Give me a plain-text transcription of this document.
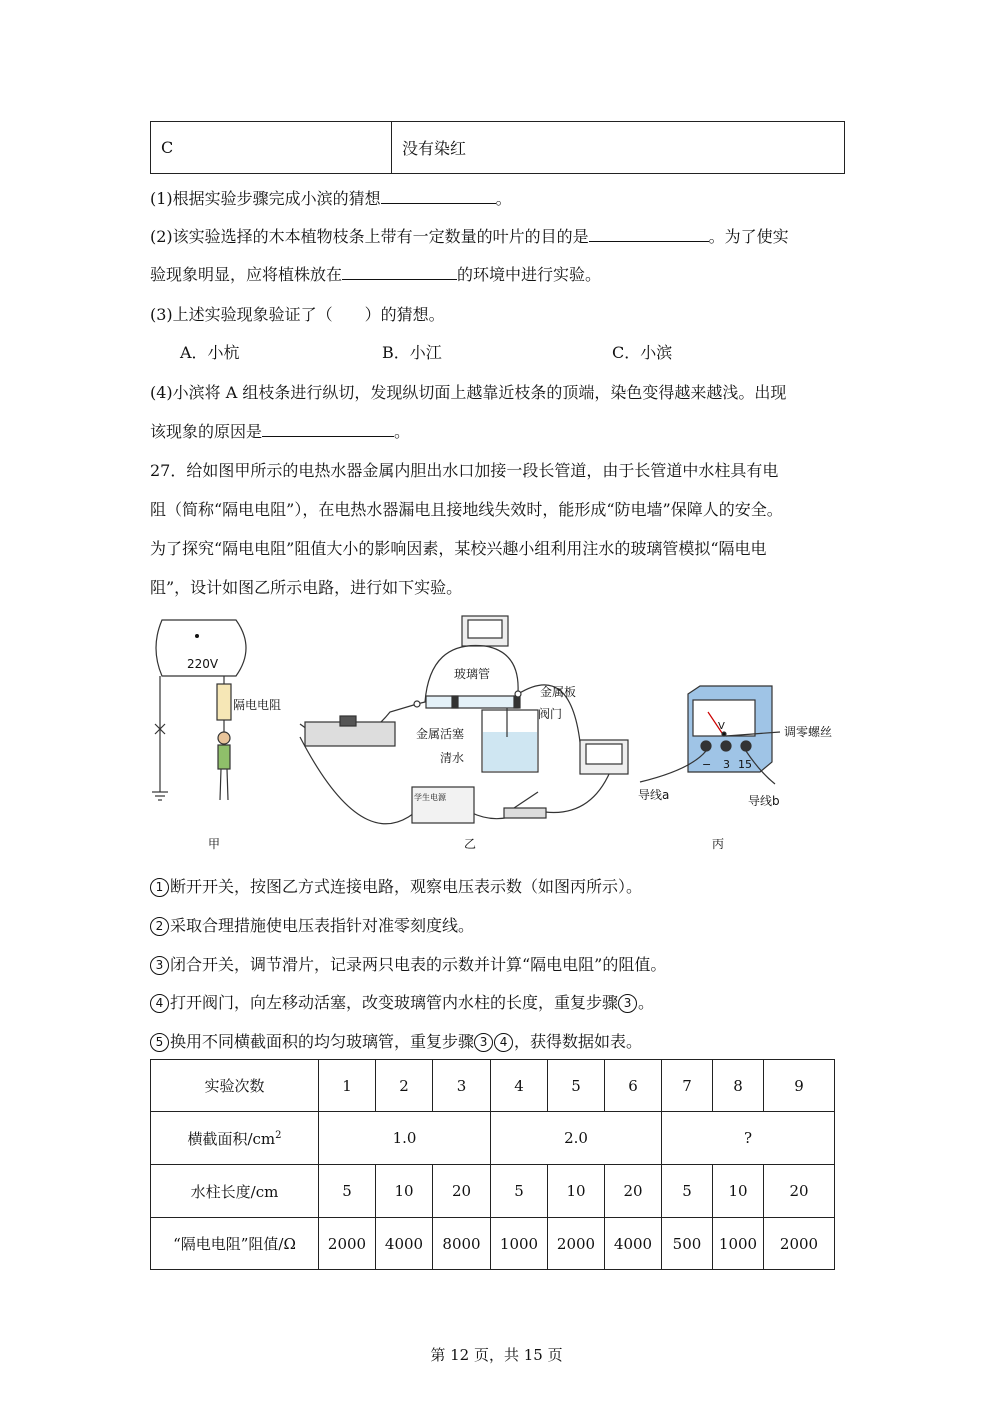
C	没有染红
(1)根据实验步骤完成小滨的猜想	。
(2)该实验选择的木本植物枝条上带有一定数量的叶片的目的是	。为了使实
验现象明显，应将植株放在	的环境中进行实验。
(3)上述实验现象验证了（　　）的猜想。
A．小杭	B．小江	C．小滨
(4)小滨将 A 组枝条进行纵切，发现纵切面上越靠近枝条的顶端，染色变得越来越浅。出现
该现象的原因是	。
27．给如图甲所示的电热水器金属内胆出水口加接一段长管道，由于长管道中水柱具有电
阻（简称“隔电电阻”），在电热水器漏电且接地线失效时，能形成“防电墙”保障人的安全。
为了探究“隔电电阻”阻值大小的影响因素，某校兴趣小组利用注水的玻璃管模拟“隔电电
阻”，设计如图乙所示电路，进行如下实验。
220V
隔电电阻
甲
玻璃管
金属板
阀门
金属活塞
清水
学生电源
乙
V
− 3 15
调零螺丝
导线a	导线b
丙
1 断开开关，按图乙方式连接电路，观察电压表示数（如图丙所示）。
2 采取合理措施使电压表指针对准零刻度线。
3 闭合开关，调节滑片，记录两只电表的示数并计算“隔电电阻”的阻值。
4 打开阀门，向左移动活塞，改变玻璃管内水柱的长度，重复步骤 3 。
5 换用不同横截面积的均匀玻璃管，重复步骤 3 4 ，获得数据如表。
实验次数	1	2	3	4	5	6	7	8	9
横截面积$/cm^2$	1.0			2.0			?		
水柱长度/cm	5	10	20	5	10	20	5	10	20
“隔电电阻”阻值/Ω	2000	4000	8000	1000	2000	4000	500	1000	2000
第 12 页，共 15 页
